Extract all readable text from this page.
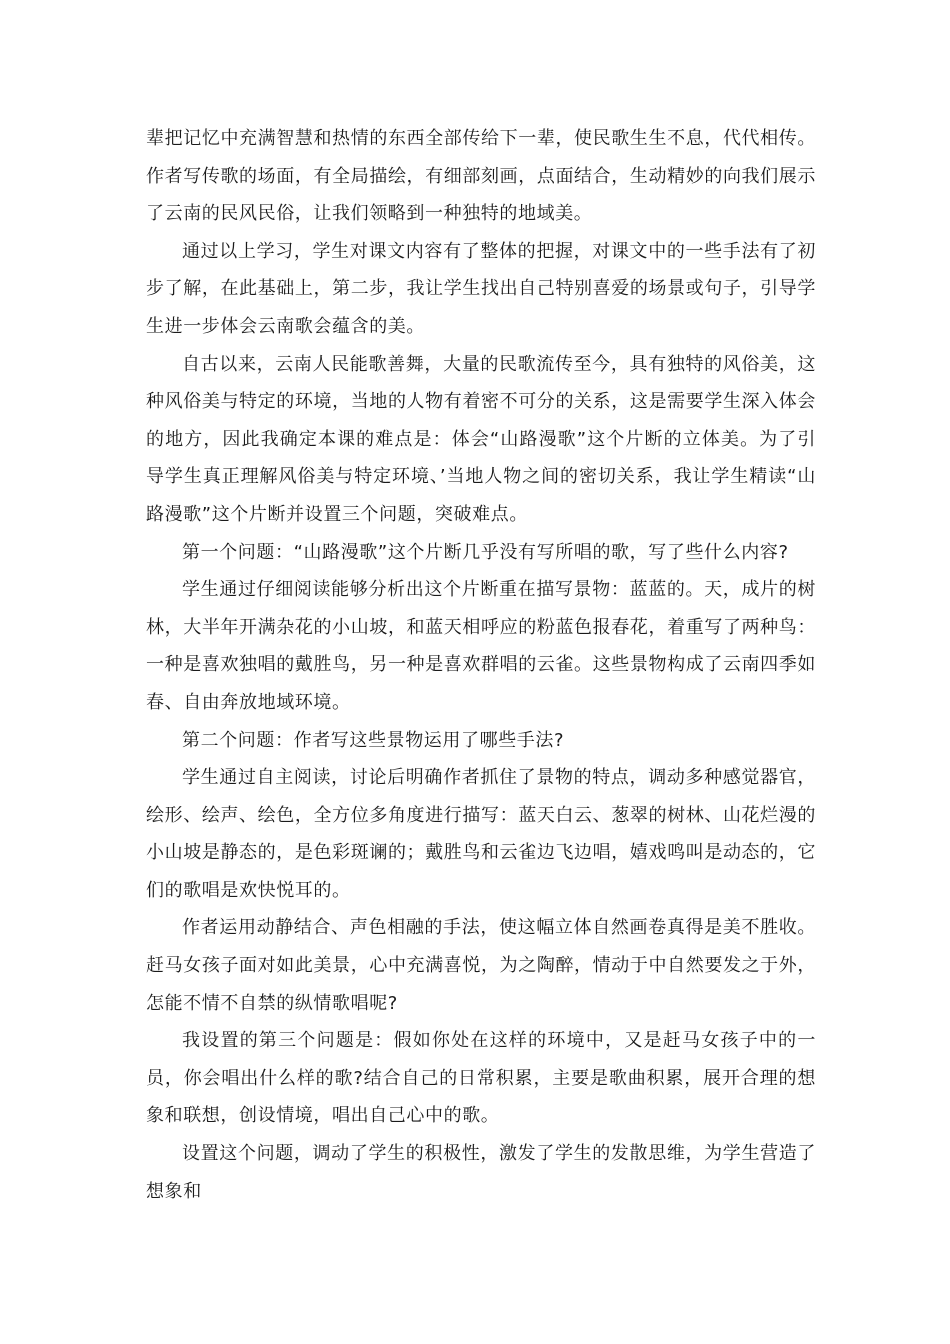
辈把记忆中充满智慧和热情的东西全部传给下一辈，使民歌生生不息，代代相传。作者写传歌的场面，有全局描绘，有细部刻画，点面结合，生动精妙的向我们展示了云南的民风民俗，让我们领略到一种独特的地域美。

通过以上学习，学生对课文内容有了整体的把握，对课文中的一些手法有了初步了解，在此基础上，第二步，我让学生找出自己特别喜爱的场景或句子，引导学生进一步体会云南歌会蕴含的美。

自古以来，云南人民能歌善舞，大量的民歌流传至今，具有独特的风俗美，这种风俗美与特定的环境，当地的人物有着密不可分的关系，这是需要学生深入体会的地方，因此我确定本课的难点是：体会“山路漫歌”这个片断的立体美。为了引导学生真正理解风俗美与特定环境、’当地人物之间的密切关系，我让学生精读“山路漫歌”这个片断并设置三个问题，突破难点。

第一个问题：“山路漫歌”这个片断几乎没有写所唱的歌，写了些什么内容?

学生通过仔细阅读能够分析出这个片断重在描写景物：蓝蓝的。天，成片的树林，大半年开满杂花的小山坡，和蓝天相呼应的粉蓝色报春花，着重写了两种鸟：一种是喜欢独唱的戴胜鸟，另一种是喜欢群唱的云雀。这些景物构成了云南四季如春、自由奔放地域环境。

第二个问题：作者写这些景物运用了哪些手法?

学生通过自主阅读，讨论后明确作者抓住了景物的特点，调动多种感觉器官，绘形、绘声、绘色，全方位多角度进行描写：蓝天白云、葱翠的树林、山花烂漫的小山坡是静态的，是色彩斑谰的；戴胜鸟和云雀边飞边唱，嬉戏鸣叫是动态的，它们的歌唱是欢快悦耳的。

作者运用动静结合、声色相融的手法，使这幅立体自然画卷真得是美不胜收。赶马女孩子面对如此美景，心中充满喜悦，为之陶醉，情动于中自然要发之于外，怎能不情不自禁的纵情歌唱呢?

我设置的第三个问题是：假如你处在这样的环境中，又是赶马女孩子中的一员，你会唱出什么样的歌?结合自己的日常积累，主要是歌曲积累，展开合理的想象和联想，创设情境，唱出自己心中的歌。

设置这个问题，调动了学生的积极性，激发了学生的发散思维，为学生营造了想象和
